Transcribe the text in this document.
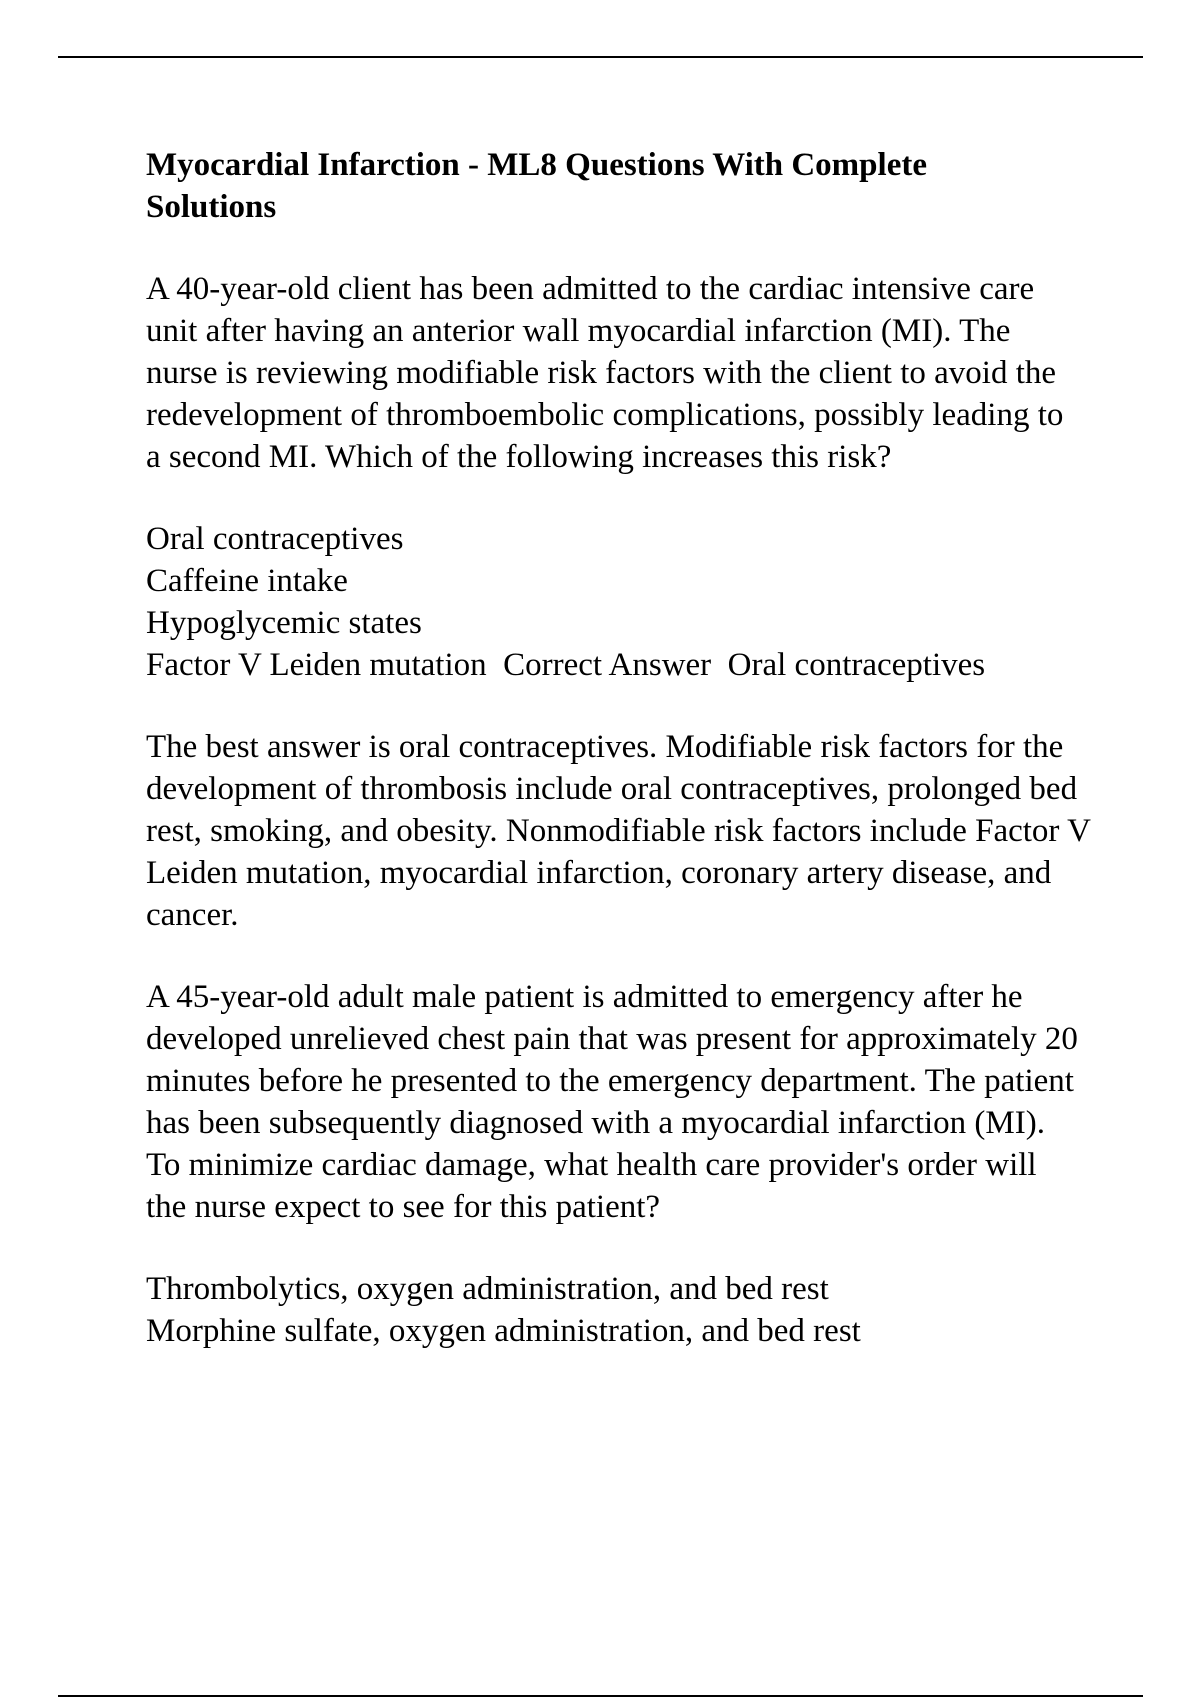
Myocardial Infarction - ML8 Questions With Complete Solutions
A 40-year-old client has been admitted to the cardiac intensive care unit after having an anterior wall myocardial infarction (MI). The nurse is reviewing modifiable risk factors with the client to avoid the redevelopment of thromboembolic complications, possibly leading to a second MI. Which of the following increases this risk?
Oral contraceptives
Caffeine intake
Hypoglycemic states
Factor V Leiden mutation  Correct Answer  Oral contraceptives
The best answer is oral contraceptives. Modifiable risk factors for the development of thrombosis include oral contraceptives, prolonged bed rest, smoking, and obesity. Nonmodifiable risk factors include Factor V Leiden mutation, myocardial infarction, coronary artery disease, and cancer.
A 45-year-old adult male patient is admitted to emergency after he developed unrelieved chest pain that was present for approximately 20 minutes before he presented to the emergency department. The patient has been subsequently diagnosed with a myocardial infarction (MI). To minimize cardiac damage, what health care provider's order will the nurse expect to see for this patient?
Thrombolytics, oxygen administration, and bed rest
Morphine sulfate, oxygen administration, and bed rest
